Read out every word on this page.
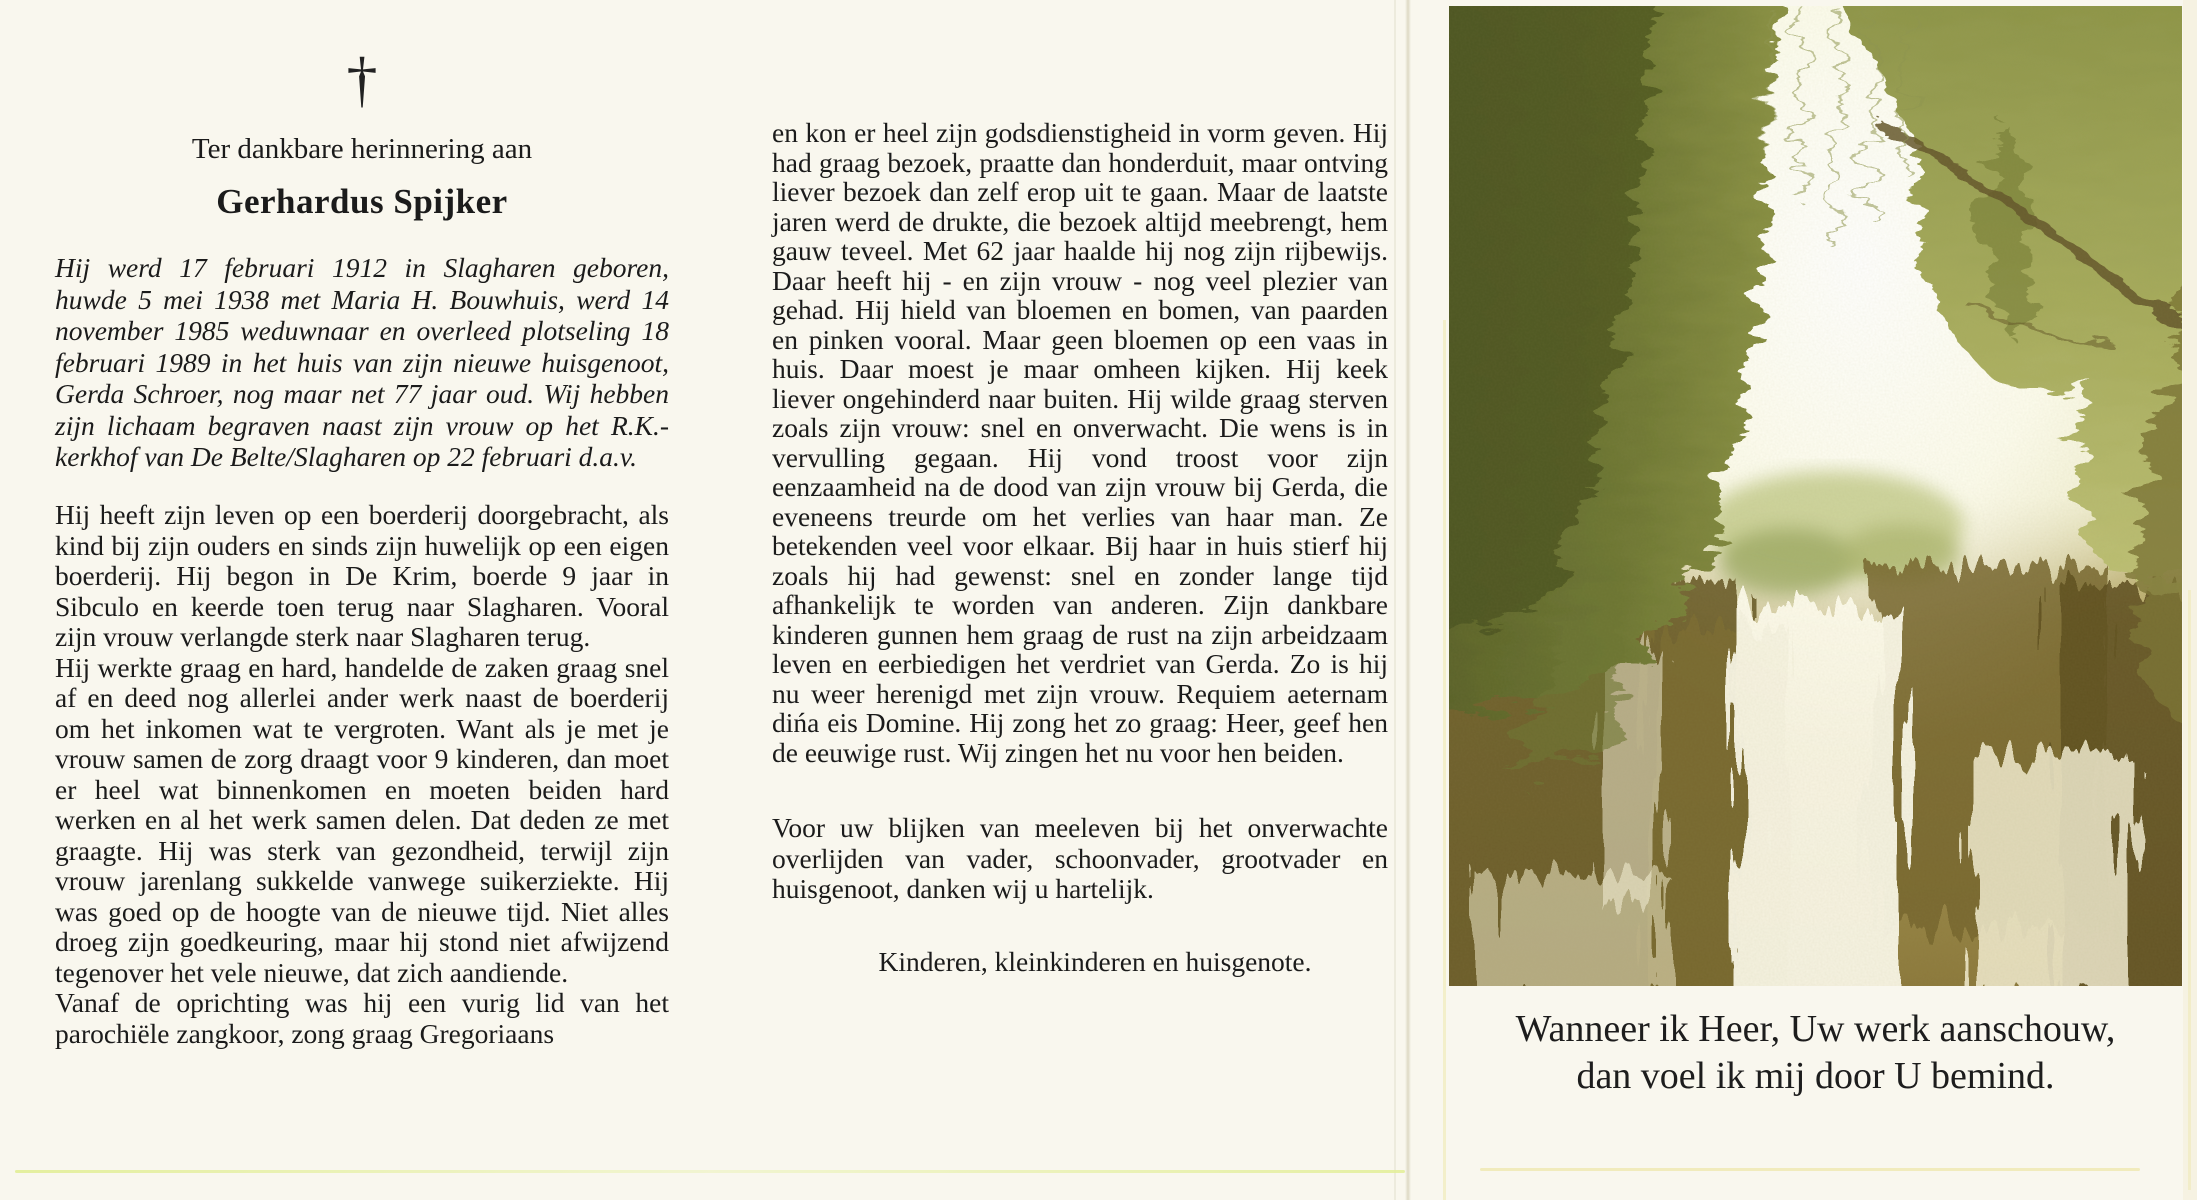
†
Ter dankbare herinnering aan
Gerhardus Spijker

Hij werd 17 februari 1912 in Slagharen geboren, huwde 5 mei 1938 met Maria H. Bouwhuis, werd 14 november 1985 weduwnaar en overleed plotseling 18 februari 1989 in het huis van zijn nieuwe huisgenoot, Gerda Schroer, nog maar net 77 jaar oud. Wij hebben zijn lichaam begraven naast zijn vrouw op het R.K.-kerkhof van De Belte/Slagharen op 22 februari d.a.v.

Hij heeft zijn leven op een boerderij doorgebracht, als kind bij zijn ouders en sinds zijn huwelijk op een eigen boerderij. Hij begon in De Krim, boerde 9 jaar in Sibculo en keerde toen terug naar Slagharen. Vooral zijn vrouw verlangde sterk naar Slagharen terug.

Hij werkte graag en hard, handelde de zaken graag snel af en deed nog allerlei ander werk naast de boerderij om het inkomen wat te vergroten. Want als je met je vrouw samen de zorg draagt voor 9 kinderen, dan moet er heel wat binnenkomen en moeten beiden hard werken en al het werk samen delen. Dat deden ze met graagte. Hij was sterk van gezondheid, terwijl zijn vrouw jarenlang sukkelde vanwege suikerziekte. Hij was goed op de hoogte van de nieuwe tijd. Niet alles droeg zijn goedkeuring, maar hij stond niet afwijzend tegenover het vele nieuwe, dat zich aandiende.

Vanaf de oprichting was hij een vurig lid van het parochiële zangkoor, zong graag Gregoriaans

en kon er heel zijn godsdienstigheid in vorm geven. Hij had graag bezoek, praatte dan honderduit, maar ontving liever bezoek dan zelf erop uit te gaan. Maar de laatste jaren werd de drukte, die bezoek altijd meebrengt, hem gauw teveel. Met 62 jaar haalde hij nog zijn rijbewijs. Daar heeft hij - en zijn vrouw - nog veel plezier van gehad. Hij hield van bloemen en bomen, van paarden en pinken vooral. Maar geen bloemen op een vaas in huis. Daar moest je maar omheen kijken. Hij keek liever ongehinderd naar buiten. Hij wilde graag sterven zoals zijn vrouw: snel en onverwacht. Die wens is in vervulling gegaan. Hij vond troost voor zijn eenzaamheid na de dood van zijn vrouw bij Gerda, die eveneens treurde om het verlies van haar man. Ze betekenden veel voor elkaar. Bij haar in huis stierf hij zoals hij had gewenst: snel en zonder lange tijd afhankelijk te worden van anderen. Zijn dankbare kinderen gunnen hem graag de rust na zijn arbeidzaam leven en eerbiedigen het verdriet van Gerda. Zo is hij nu weer herenigd met zijn vrouw. Requiem aeternam dińa eis Domine. Hij zong het zo graag: Heer, geef hen de eeuwige rust. Wij zingen het nu voor hen beiden.

Voor uw blijken van meeleven bij het onverwachte overlijden van vader, schoonvader, grootvader en huisgenoot, danken wij u hartelijk.

Kinderen, kleinkinderen en huisgenote.
Wanneer ik Heer, Uw werk aanschouw,
dan voel ik mij door U bemind.
